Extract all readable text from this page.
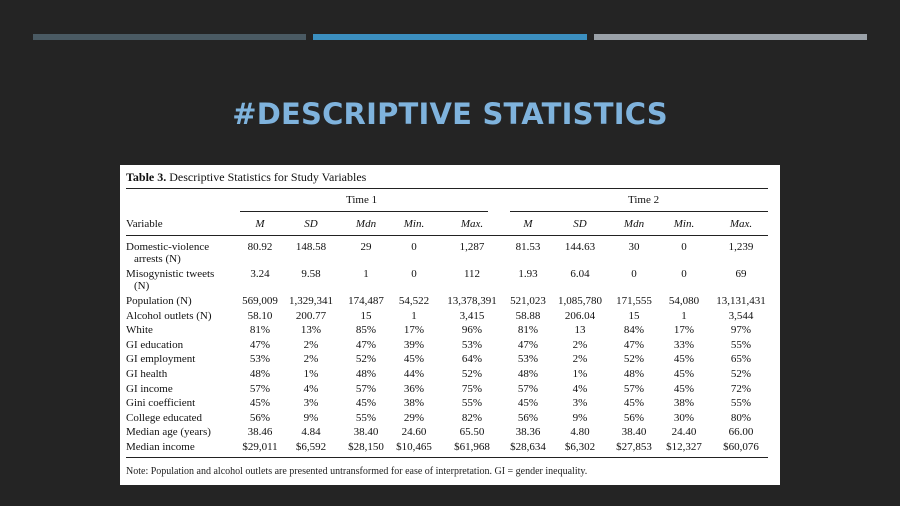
#DESCRIPTIVE STATISTICS
Table 3. Descriptive Statistics for Study Variables
Time 1	Time 2
Variable	M	SD	Mdn	Min.	Max.	M	SD	Mdn	Min.	Max.
Domestic-violence	80.92	148.58	29	0	1,287	81.53	144.63	30	0	1,239
arrests (N)
Misogynistic tweets	3.24	9.58	1	0	112	1.93	6.04	0	0	69
(N)
Population (N)	569,009	1,329,341	174,487	54,522	13,378,391	521,023	1,085,780	171,555	54,080	13,131,431
Alcohol outlets (N)	58.10	200.77	15	1	3,415	58.88	206.04	15	1	3,544
White	81%	13%	85%	17%	96%	81%	13	84%	17%	97%
GI education	47%	2%	47%	39%	53%	47%	2%	47%	33%	55%
GI employment	53%	2%	52%	45%	64%	53%	2%	52%	45%	65%
GI health	48%	1%	48%	44%	52%	48%	1%	48%	45%	52%
GI income	57%	4%	57%	36%	75%	57%	4%	57%	45%	72%
Gini coefficient	45%	3%	45%	38%	55%	45%	3%	45%	38%	55%
College educated	56%	9%	55%	29%	82%	56%	9%	56%	30%	80%
Median age (years)	38.46	4.84	38.40	24.60	65.50	38.36	4.80	38.40	24.40	66.00
Median income	$29,011	$6,592	$28,150	$10,465	$61,968	$28,634	$6,302	$27,853	$12,327	$60,076
Note: Population and alcohol outlets are presented untransformed for ease of interpretation. GI = gender inequality.
